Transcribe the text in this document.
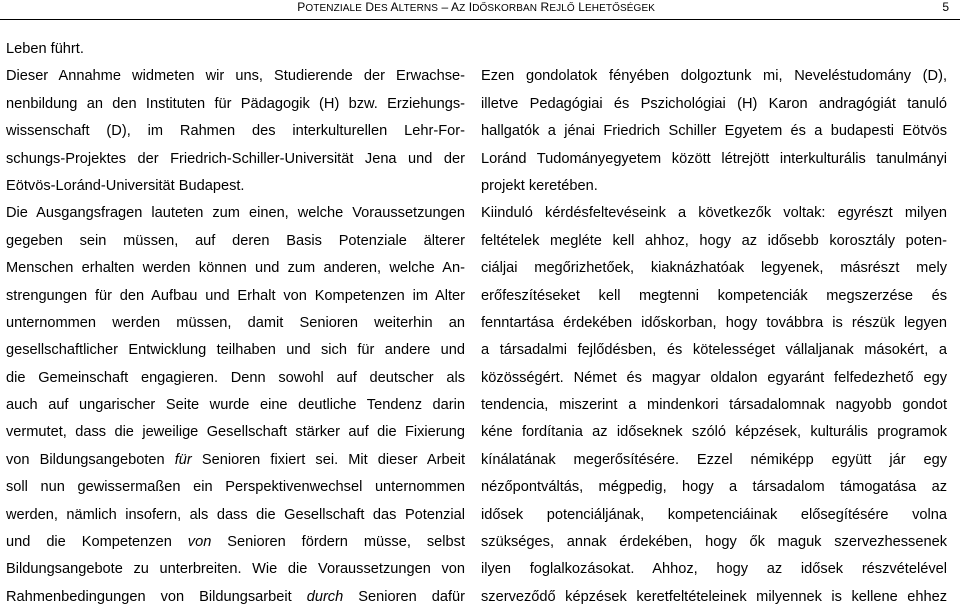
POTENZIALE DES ALTERNS – AZ IDŐSKORBAN REJLŐ LEHETŐSÉGEK	5
Leben führt.
Dieser Annahme widmeten wir uns, Studierende der Erwachse-
nenbildung an den Instituten für Pädagogik (H) bzw. Erziehungs-
wissenschaft (D), im Rahmen des interkulturellen Lehr-For-
schungs-Projektes der Friedrich-Schiller-Universität Jena und der
Eötvös-Loránd-Universität Budapest.
Die Ausgangsfragen lauteten zum einen, welche Voraussetzungen
gegeben sein müssen, auf deren Basis Potenziale älterer
Menschen erhalten werden können und zum anderen, welche An-
strengungen für den Aufbau und Erhalt von Kompetenzen im Alter
unternommen werden müssen, damit Senioren weiterhin an
gesellschaftlicher Entwicklung teilhaben und sich für andere und
die Gemeinschaft engagieren. Denn sowohl auf deutscher als
auch auf ungarischer Seite wurde eine deutliche Tendenz darin
vermutet, dass die jeweilige Gesellschaft stärker auf die Fixierung
von Bildungsangeboten für Senioren fixiert sei. Mit dieser Arbeit
soll nun gewissermaßen ein Perspektivenwechsel unternommen
werden, nämlich insofern, als dass die Gesellschaft das Potenzial
und die Kompetenzen von Senioren fördern müsse, selbst
Bildungsangebote zu unterbreiten. Wie die Voraussetzungen von
Rahmenbedingungen von Bildungsarbeit durch Senioren dafür
Ezen gondolatok fényében dolgoztunk mi, Neveléstudomány (D),
illetve Pedagógiai és Pszichológiai (H) Karon andragógiát tanuló
hallgatók a jénai Friedrich Schiller Egyetem és a budapesti Eötvös
Loránd Tudományegyetem között létrejött interkulturális tanulmányi
projekt keretében.
Kiinduló kérdésfeltevéseink a következők voltak: egyrészt milyen
feltételek megléte kell ahhoz, hogy az idősebb korosztály poten-
ciáljai megőrizhetőek, kiaknázhatóak legyenek, másrészt mely
erőfeszítéseket kell megtenni kompetenciák megszerzése és
fenntartása érdekében időskorban, hogy továbbra is részük legyen
a társadalmi fejlődésben, és kötelességet vállaljanak másokért, a
közösségért. Német és magyar oldalon egyaránt felfedezhető egy
tendencia, miszerint a mindenkori társadalomnak nagyobb gondot
kéne fordítania az időseknek szóló képzések, kulturális programok
kínálatának megerősítésére. Ezzel némiképp együtt jár egy
nézőpontváltás, mégpedig, hogy a társadalom támogatása az
idősek potenciáljának, kompetenciáinak elősegítésére volna
szükséges, annak érdekében, hogy ők maguk szervezhessenek
ilyen foglalkozásokat. Ahhoz, hogy az idősek részvételével
szerveződő képzések keretfeltételeinek milyennek is kellene ehhez
